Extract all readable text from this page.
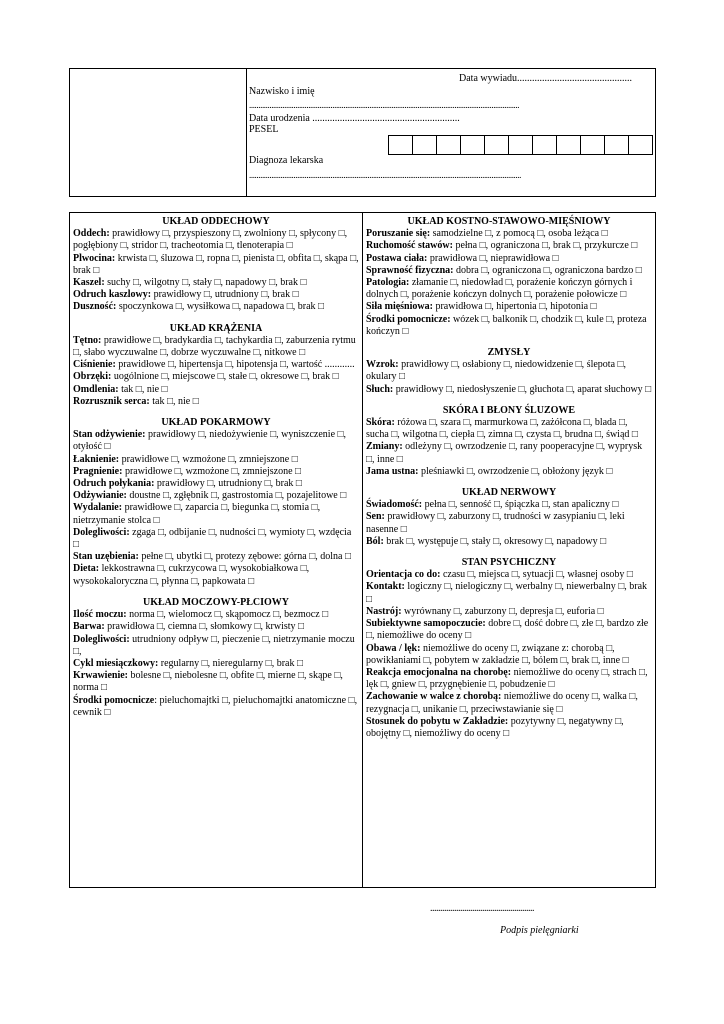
Data wywiadu..............................................
Nazwisko i imię
..................................................................................................................................................
Data urodzenia ...........................................................
PESEL
Diagnoza lekarska
...................................................................................................................................................
UKŁAD ODDECHOWY
Oddech: prawidłowy □, przyspieszony □, zwolniony □, spłycony □, pogłębiony □, stridor □, tracheotomia □, tlenoterapia □
Plwocina: krwista □, śluzowa □, ropna □, pienista □, obfita □, skąpa □, brak □
Kaszel: suchy □, wilgotny □, stały □, napadowy □, brak □
Odruch kaszlowy: prawidłowy □, utrudniony □, brak □
Duszność: spoczynkowa □, wysiłkowa □, napadowa □, brak □
UKŁAD KRĄŻENIA
Tętno: prawidłowe □, bradykardia □, tachykardia □, zaburzenia rytmu □, słabo wyczuwalne □, dobrze wyczuwalne □, nitkowe □
Ciśnienie: prawidłowe □, hipertensja □, hipotensja □, wartość ............
Obrzęki: uogólnione □, miejscowe □, stałe □, okresowe □, brak □
Omdlenia: tak □, nie □
Rozrusznik serca: tak □, nie □
UKŁAD POKARMOWY
Stan odżywienie: prawidłowy □, niedożywienie □, wyniszczenie □, otyłość □
Łaknienie: prawidłowe □, wzmożone □, zmniejszone □
Pragnienie: prawidłowe □, wzmożone □, zmniejszone □
Odruch połykania: prawidłowy □, utrudniony □, brak □
Odżywianie: doustne □, zgłębnik □, gastrostomia □, pozajelitowe □
Wydalanie: prawidłowe □, zaparcia □, biegunka □, stomia □, nietrzymanie stolca □
Dolegliwości: zgaga □, odbijanie □, nudności □, wymioty □, wzdęcia □
Stan uzębienia: pełne □, ubytki □, protezy zębowe: górna □, dolna □
Dieta: lekkostrawna □, cukrzycowa □, wysokobiałkowa □, wysokokaloryczna □, płynna □, papkowata □
UKŁAD MOCZOWY-PŁCIOWY
Ilość moczu: norma □, wielomocz □, skąpomocz □, bezmocz □
Barwa: prawidłowa □, ciemna □, słomkowy □, krwisty □
Dolegliwości: utrudniony odpływ □, pieczenie □, nietrzymanie moczu □,
Cykl miesiączkowy: regularny □, nieregularny □, brak □
Krwawienie: bolesne □, niebolesne □, obfite □, mierne □, skąpe □, norma □
Środki pomocnicze: pieluchomajtki □, pieluchomajtki anatomiczne □, cewnik □
UKŁAD KOSTNO-STAWOWO-MIĘŚNIOWY
Poruszanie się: samodzielne □, z pomocą □, osoba leżąca □
Ruchomość stawów: pełna □, ograniczona □, brak □, przykurcze □
Postawa ciała: prawidłowa □, nieprawidłowa □
Sprawność fizyczna: dobra □, ograniczona □, ograniczona bardzo □
Patologia: złamanie □, niedowład □, porażenie kończyn górnych i dolnych □, porażenie kończyn dolnych □, porażenie połowicze □
Siła mięśniowa: prawidłowa □, hipertonia □, hipotonia □
Środki pomocnicze: wózek □, balkonik □, chodzik □, kule □, proteza kończyn □
ZMYSŁY
Wzrok: prawidłowy □, osłabiony □, niedowidzenie □, ślepota □, okulary □
Słuch: prawidłowy □, niedosłyszenie □, głuchota □, aparat słuchowy □
SKÓRA I BŁONY ŚLUZOWE
Skóra: różowa □, szara □, marmurkowa □, zażółcona □, blada □, sucha □, wilgotna □, ciepła □, zimna □, czysta □, brudna □, świąd □
Zmiany: odleżyny □, owrzodzenie □, rany pooperacyjne □, wyprysk □, inne □
Jama ustna: pleśniawki □, owrzodzenie □, obłożony język □
UKŁAD NERWOWY
Świadomość: pełna □, senność □, śpiączka □, stan apaliczny □
Sen: prawidłowy □, zaburzony □, trudności w zasypianiu □, leki nasenne □
Ból: brak □, występuje □, stały □, okresowy □, napadowy □
STAN PSYCHICZNY
Orientacja co do: czasu □, miejsca □, sytuacji □, własnej osoby □
Kontakt: logiczny □, nielogiczny □, werbalny □, niewerbalny □, brak □
Nastrój: wyrównany □, zaburzony □, depresja □, euforia □
Subiektywne samopoczucie: dobre □, dość dobre □, złe □, bardzo złe □, niemożliwe do oceny □
Obawa / lęk: niemożliwe do oceny □, związane z: chorobą □, powikłaniami □, pobytem w zakładzie □, bólem □, brak □, inne □
Reakcja emocjonalna na chorobę: niemożliwe do oceny □, strach □, lęk □, gniew □, przygnębienie □, pobudzenie □
Zachowanie w walce z chorobą: niemożliwe do oceny □, walka □, rezygnacja □, unikanie □, przeciwstawianie się □
Stosunek do pobytu w Zakładzie: pozytywny □, negatywny □, obojętny □, niemożliwy do oceny □
....................................................
Podpis pielęgniarki
